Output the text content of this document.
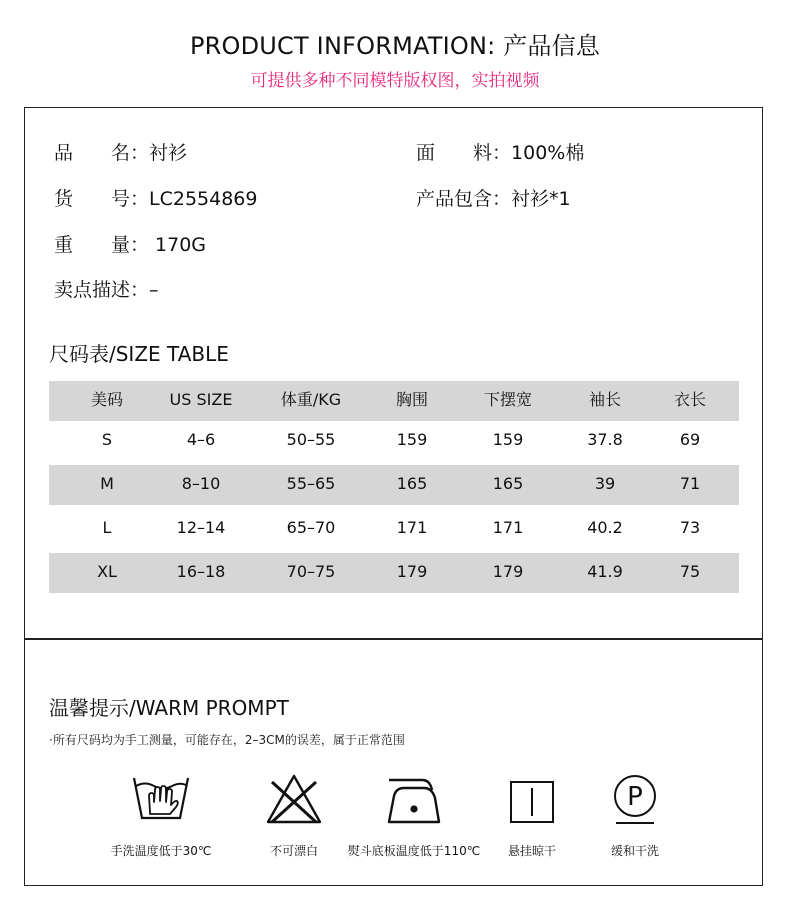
PRODUCT INFORMATION: 产品信息
可提供多种不同模特版权图，实拍视频
品　　名：衬衫	面　　料：100%棉
货　　号：LC2554869	产品包含：衬衫*1
重　　量： 170G
卖点描述：–
尺码表/SIZE TABLE
美码	US SIZE	体重/KG	胸围	下摆宽	袖长	衣长
S	4–6	50–55	159	159	37.8	69
M	8–10	55–65	165	165	39	71
L	12–14	65–70	171	171	40.2	73
XL	16–18	70–75	179	179	41.9	75
温馨提示/WARM PROMPT
·所有尺码均为手工测量，可能存在，2–3CM的误差，属于正常范围
手洗温度低于30℃	不可漂白 熨斗底板温度低于110℃ 悬挂晾干
P
缓和干洗
